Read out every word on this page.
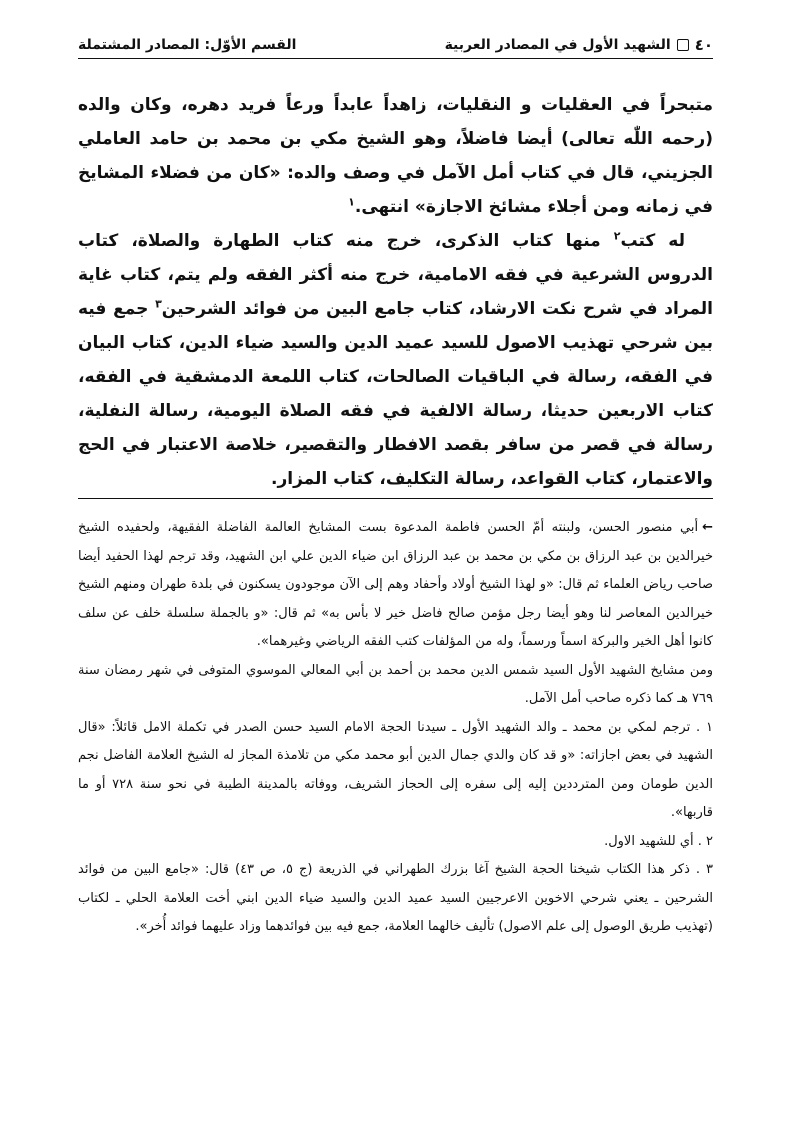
٤٠
الشهيد الأول في المصادر العربية
القسم الأوّل: المصادر المشتملة

متبحراً في العقليات و النقليات، زاهداً عابداً ورعاً فريد دهره، وكان والده (رحمه اللّٰه تعالى) أيضا فاضلاً، وهو الشيخ مكي بن محمد بن حامد العاملي الجزيني، قال في كتاب أمل الآمل في وصف والده: «كان من فضلاء المشايخ في زمانه ومن أجلاء مشائخ الاجازة» انتهى.$^١$

له كتب$^٢$ منها كتاب الذكرى، خرج منه كتاب الطهارة والصلاة، كتاب الدروس الشرعية في فقه الامامية، خرج منه أكثر الفقه ولم يتم، كتاب غاية المراد في شرح نكت الارشاد، كتاب جامع البين من فوائد الشرحين$^٣$ جمع فيه بين شرحي تهذيب الاصول للسيد عميد الدين والسيد ضياء الدين، كتاب البيان في الفقه، رسالة في الباقيات الصالحات، كتاب اللمعة الدمشقية في الفقه، كتاب الاربعين حديثا، رسالة الالفية في فقه الصلاة اليومية، رسالة النفلية، رسالة في قصر من سافر بقصد الافطار والتقصير، خلاصة الاعتبار في الحج والاعتمار، كتاب القواعد، رسالة التكليف، كتاب المزار.

←أبي منصور الحسن، ولبنته أمّ الحسن فاطمة المدعوة بست المشايخ العالمة الفاضلة الفقيهة، ولحفيده الشيخ خيرالدين بن عبد الرزاق بن مكي بن محمد بن عبد الرزاق ابن ضياء الدين علي ابن الشهيد، وقد ترجم لهذا الحفيد أيضا صاحب رياض العلماء ثم قال: «و لهذا الشيخ أولاد وأحفاد وهم إلى الآن موجودون يسكنون في بلدة طهران ومنهم الشيخ خيرالدين المعاصر لنا وهو أيضا رجل مؤمن صالح فاضل خير لا بأس به» ثم قال: «و بالجملة سلسلة خلف عن سلف كانوا أهل الخير والبركة اسماً ورسماً، وله من المؤلفات كتب الفقه الرياضي وغيرهما».

ومن مشايخ الشهيد الأول السيد شمس الدين محمد بن أحمد بن أبي المعالي الموسوي المتوفى في شهر رمضان سنة ٧٦٩ هـ كما ذكره صاحب أمل الآمل.

١ . ترجم لمكي بن محمد ـ والد الشهيد الأول ـ سيدنا الحجة الامام السيد حسن الصدر في تكملة الامل قائلاً: «قال الشهيد في بعض اجازاته: «و قد كان والدي جمال الدين أبو محمد مكي من تلامذة المجاز له الشيخ العلامة الفاضل نجم الدين طومان ومن المترددين إليه إلى سفره إلى الحجاز الشريف، ووفاته بالمدينة الطيبة في نحو سنة ٧٢٨ أو ما قاربها».

٢ . أي للشهيد الاول.

٣ . ذكر هذا الكتاب شيخنا الحجة الشيخ آغا بزرك الطهراني في الذريعة (ج ٥، ص ٤٣) قال: «جامع البين من فوائد الشرحين ـ يعني شرحي الاخوين الاعرجيين السيد عميد الدين والسيد ضياء الدين ابني أخت العلامة الحلي ـ لكتاب (تهذيب طريق الوصول إلى علم الاصول) تأليف خالهما العلامة، جمع فيه بين فوائدهما وزاد عليهما فوائد أُخر».
